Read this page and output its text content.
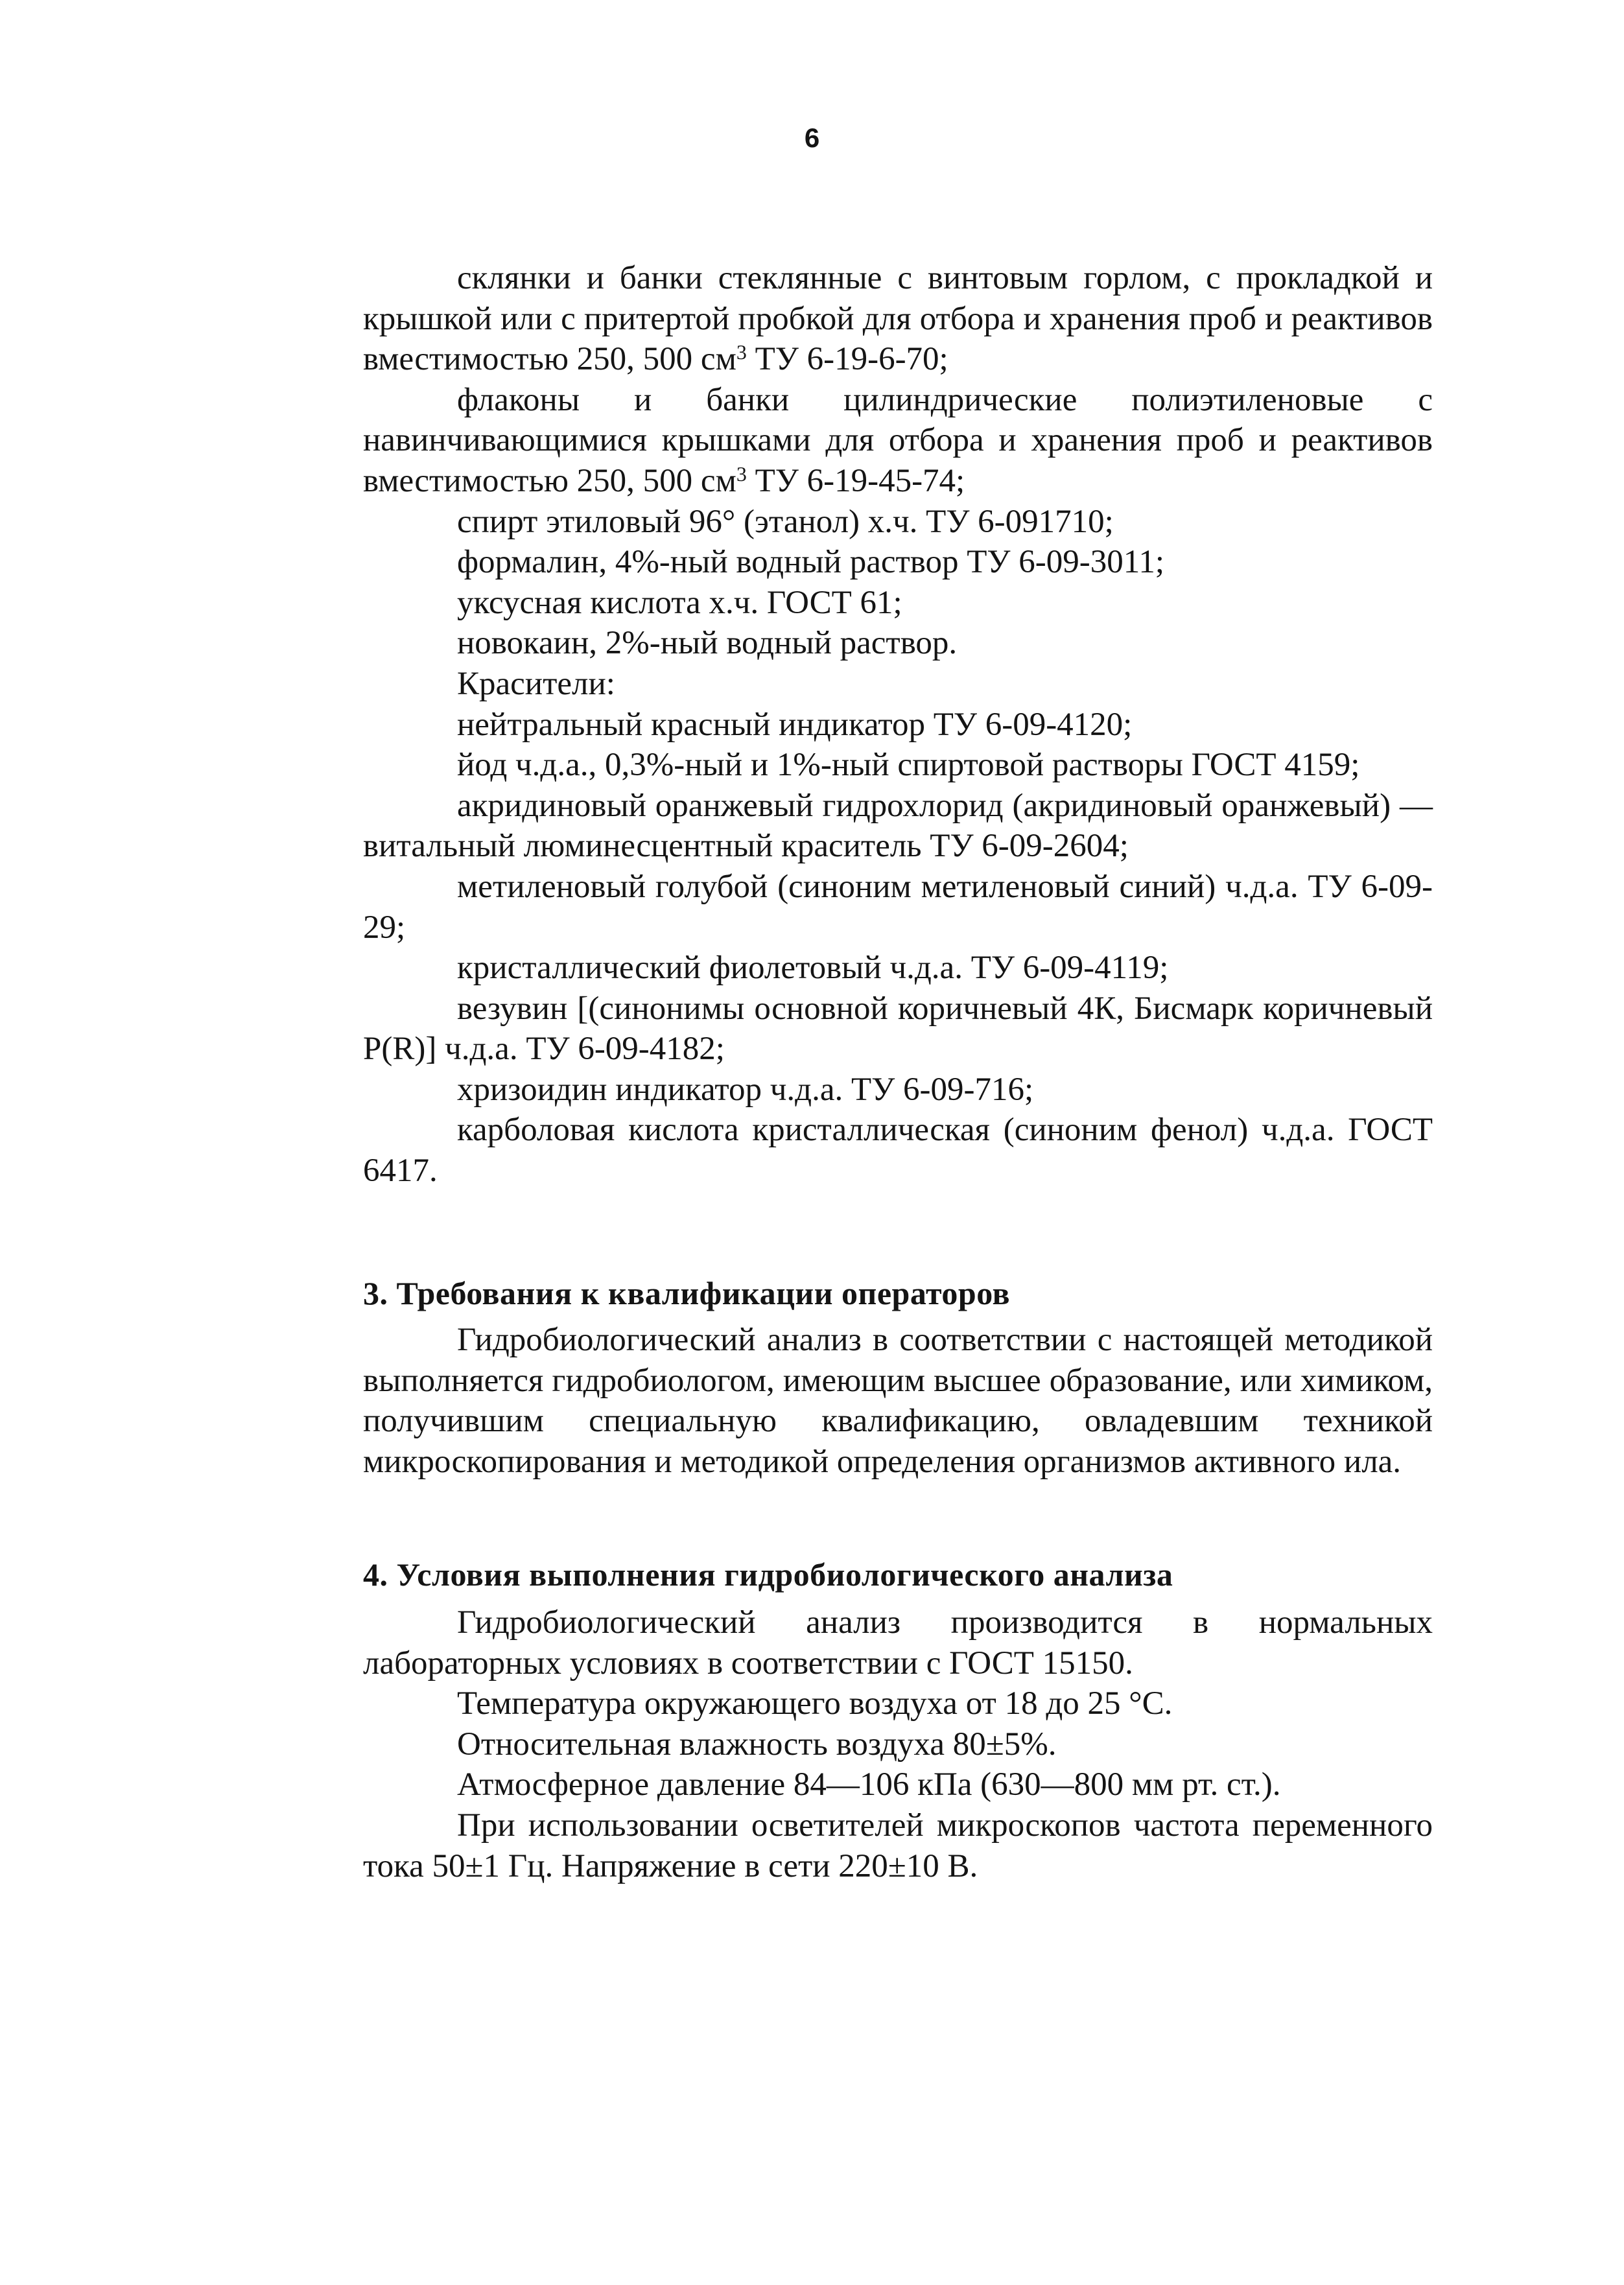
6

склянки и банки стеклянные с винтовым горлом, с прокладкой и крышкой или с притертой пробкой для отбора и хранения проб и реактивов вместимостью 250, 500 $см^3$ ТУ 6-19-6-70;

флаконы и банки цилиндрические полиэтиленовые с навинчивающимися крышками для отбора и хранения проб и реактивов вместимостью 250, 500 $см^3$ ТУ 6-19-45-74;

спирт этиловый 96° (этанол) х.ч. ТУ 6-091710;

формалин, 4%-ный водный раствор ТУ 6-09-3011;

уксусная кислота х.ч. ГОСТ 61;

новокаин, 2%-ный водный раствор.

Красители:

нейтральный красный индикатор ТУ 6-09-4120;

йод ч.д.а., 0,3%-ный и 1%-ный спиртовой растворы ГОСТ 4159;

акридиновый оранжевый гидрохлорид (акридиновый оранжевый) — витальный люминесцентный краситель ТУ 6-09-2604;

метиленовый голубой (синоним метиленовый синий) ч.д.а. ТУ 6-09-29;

кристаллический фиолетовый ч.д.а. ТУ 6-09-4119;

везувин [(синонимы основной коричневый 4К, Бисмарк коричневый Р(R)] ч.д.а. ТУ 6-09-4182;

хризоидин индикатор ч.д.а. ТУ 6-09-716;

карболовая кислота кристаллическая (синоним фенол) ч.д.а. ГОСТ 6417.

3. Требования к квалификации операторов

Гидробиологический анализ в соответствии с настоящей методикой выполняется гидробиологом, имеющим высшее образование, или химиком, получившим специальную квалификацию, овладевшим техникой микроскопирования и методикой определения организмов активного ила.

4. Условия выполнения гидробиологического анализа

Гидробиологический анализ производится в нормальных лабораторных условиях в соответствии с ГОСТ 15150.

Температура окружающего воздуха от 18 до 25 °С.

Относительная влажность воздуха 80±5%.

Атмосферное давление 84—106 кПа (630—800 мм рт. ст.).

При использовании осветителей микроскопов частота переменного тока 50±1 Гц. Напряжение в сети 220±10 В.
